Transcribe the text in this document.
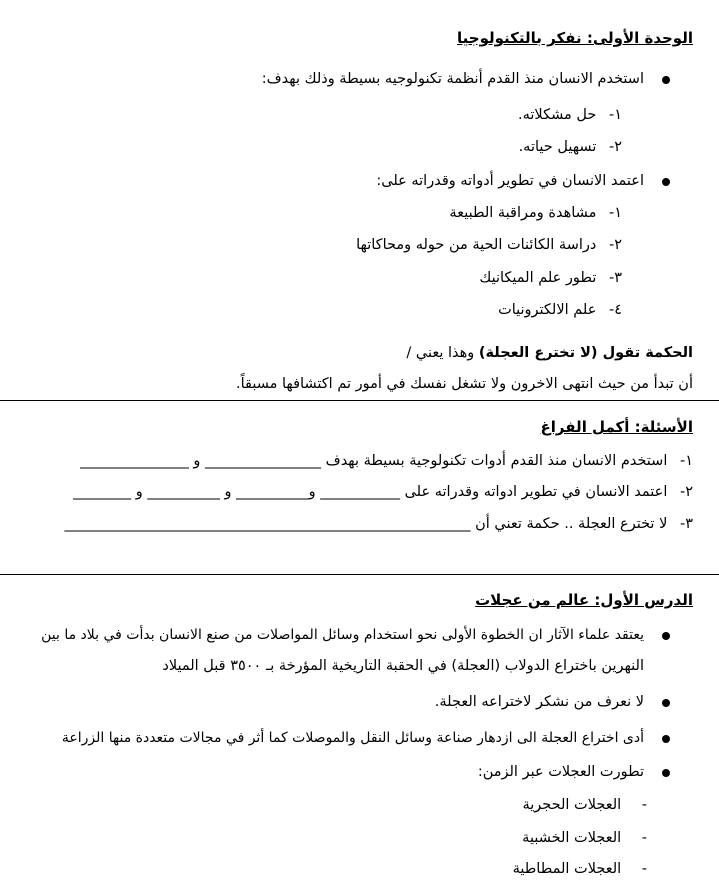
الوحدة الأولى: نفكر بالتكنولوجيا
استخدم الانسان منذ القدم أنظمة تكنولوجيه بسيطة وذلك بهدف:
١- حل مشكلاته.
٢- تسهيل حياته.
اعتمد الانسان في تطوير أدواته وقدراته على:
١- مشاهدة ومراقبة الطبيعة
٢- دراسة الكائنات الحية من حوله ومحاكاتها
٣- تطور علم الميكانيك
٤- علم الالكترونيات
الحكمة تقول (لا تخترع العجلة) وهذا يعني /
أن تبدأ من حيث انتهى الاخرون ولا تشغل نفسك في أمور تم اكتشافها مسبقاً.
الأسئلة: أكمل الفراغ
١- استخدم الانسان منذ القدم أدوات تكنولوجية بسيطة بهدف ________________ و _______________
٢- اعتمد الانسان في تطوير ادواته وقدراته على ___________ و__________ و __________ و ________
٣- لا تخترع العجلة .. حكمة تعني أن ________________________________________________________
الدرس الأول: عالم من عجلات
يعتقد علماء الآثار ان الخطوة الأولى نحو استخدام وسائل المواصلات من صنع الانسان بدأت في بلاد ما بين
النهرين باختراع الدولاب (العجلة) في الحقبة التاريخية المؤرخة بـ ٣٥٠٠ قبل الميلاد
لا نعرف من نشكر لاختراعه العجلة.
أدى اختراع العجلة الى ازدهار صناعة وسائل النقل والموصلات كما أثر في مجالات متعددة منها الزراعة
تطورت العجلات عبر الزمن:
- العجلات الحجرية
- العجلات الخشبية
- العجلات المطاطية
